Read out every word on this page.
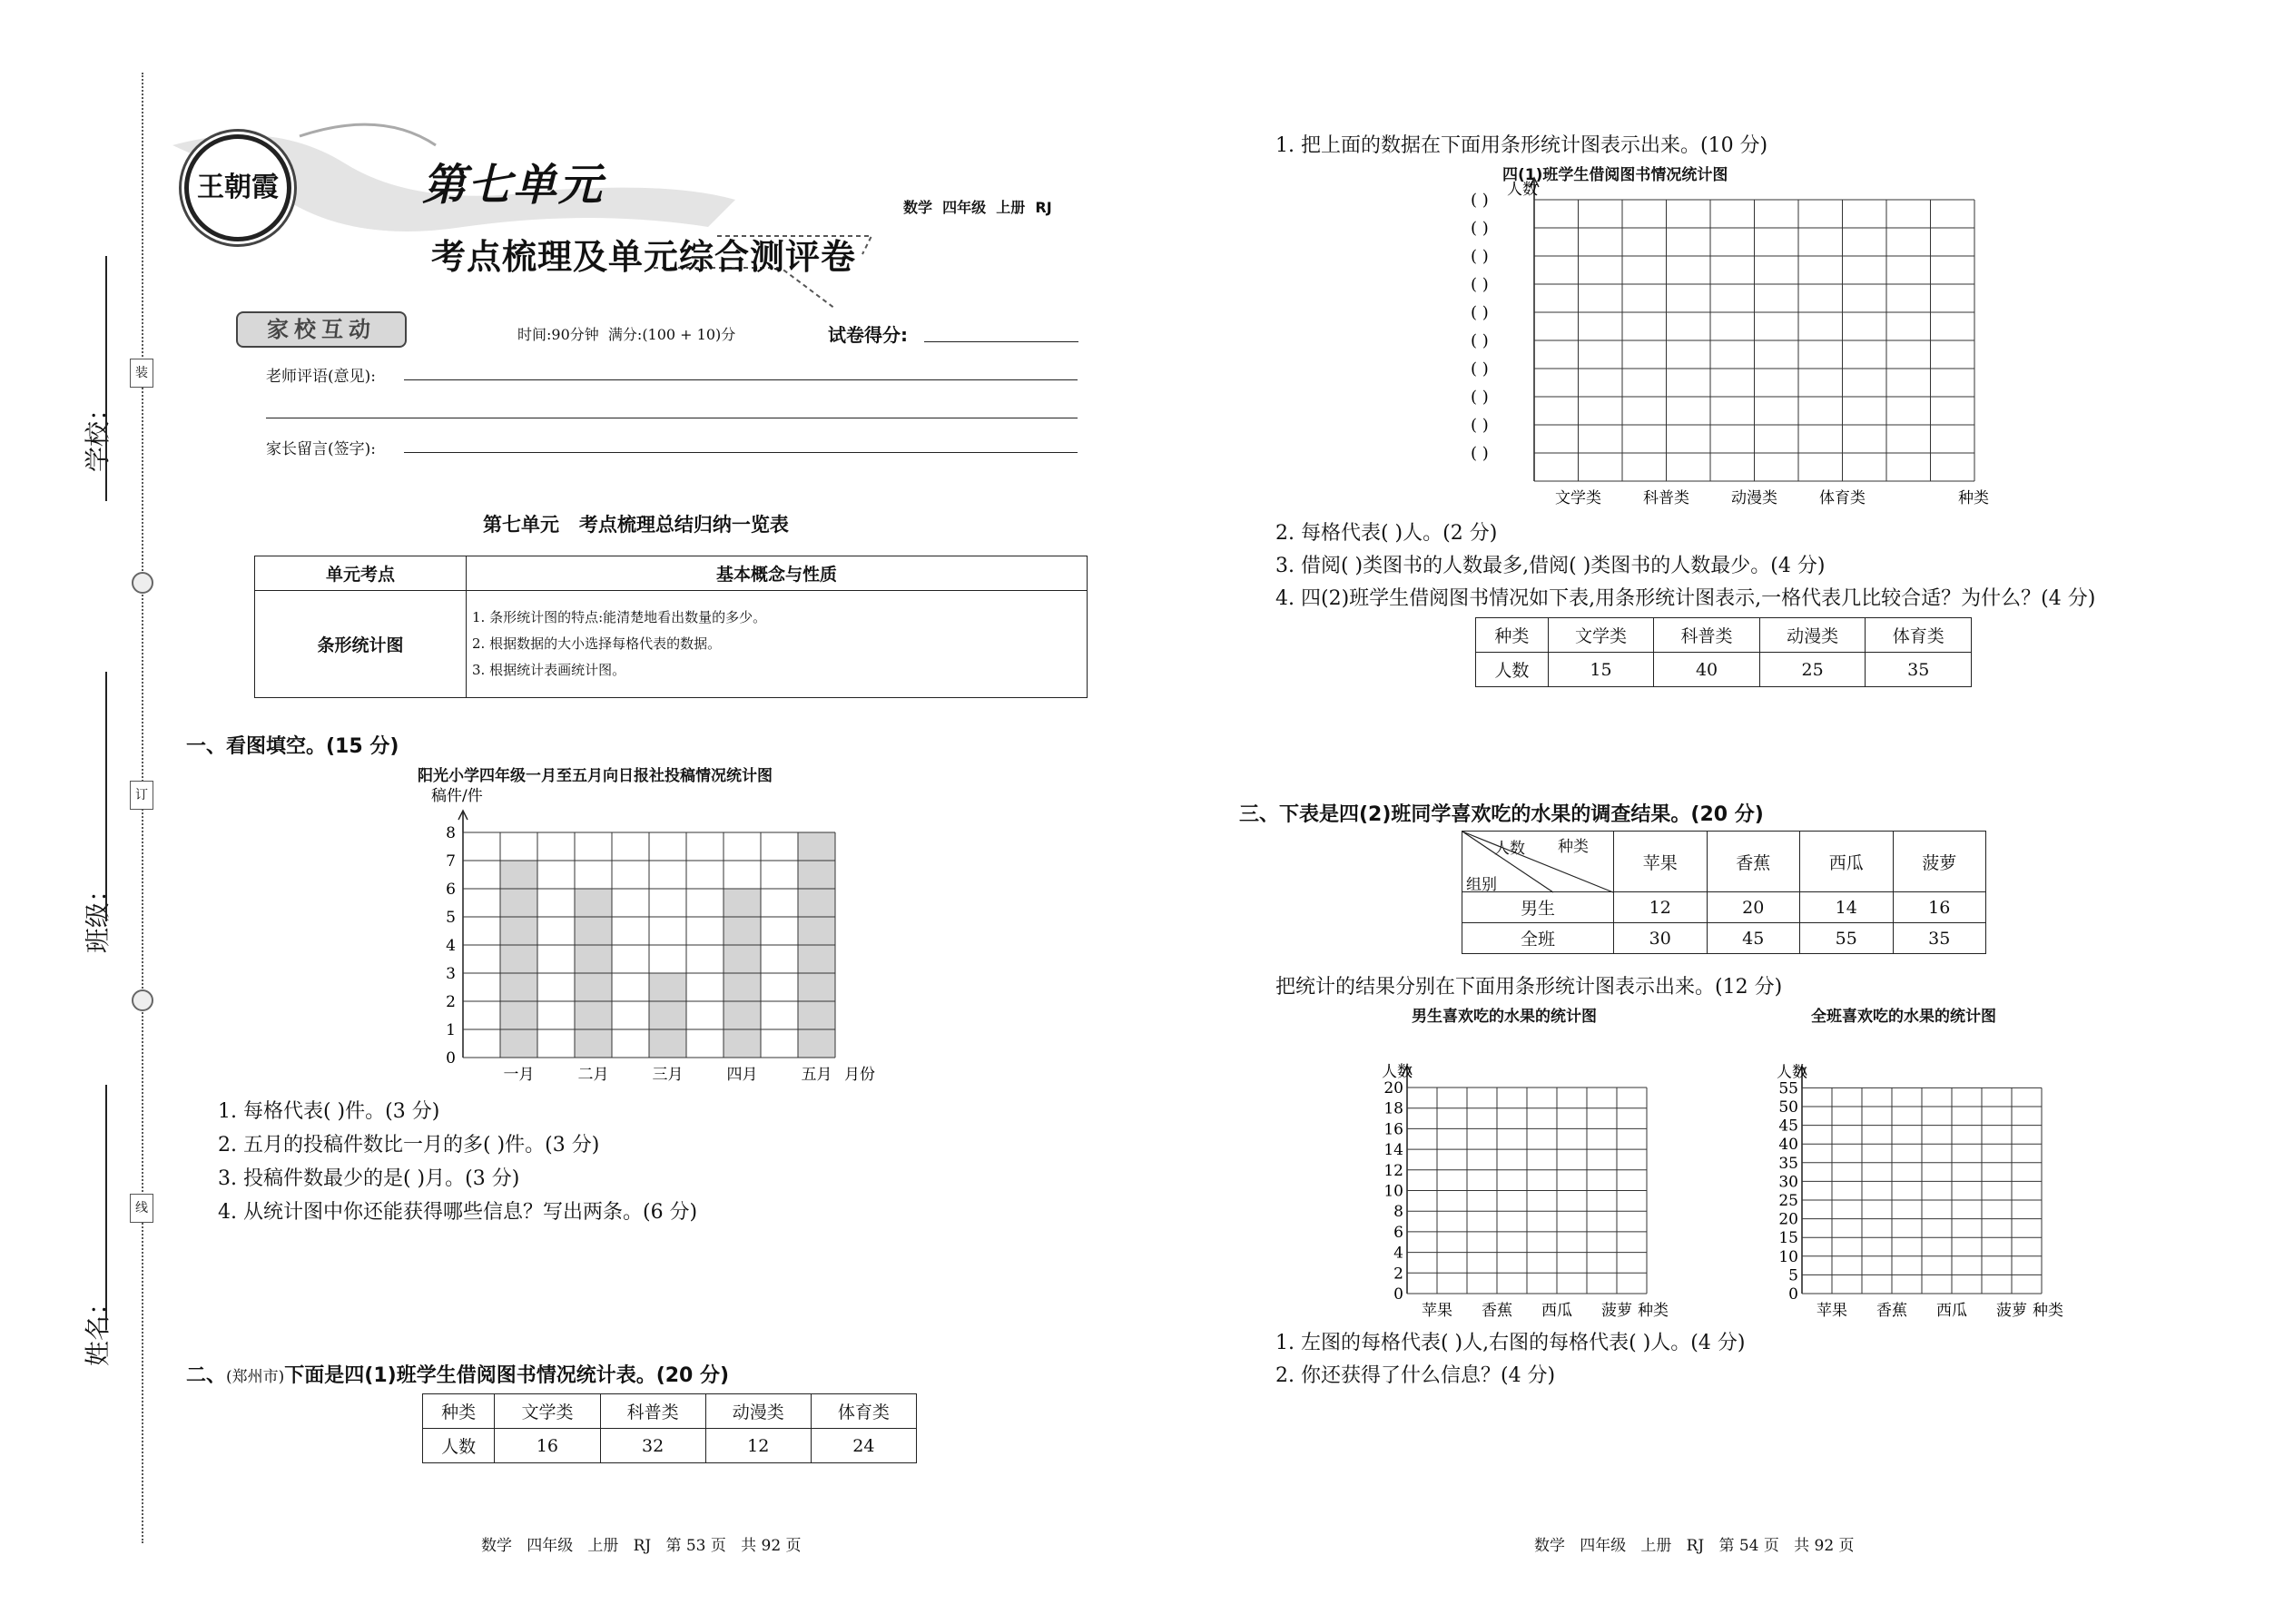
学校：
班级：
姓名：
装
订
线
王朝霞	第七单元
考点梳理及单元综合测评卷
数学  四年级  上册  RJ
家校互动	时间:90分钟  满分:(100 + 10)分	试卷得分:
老师评语(意见):
家长留言(签字):
第七单元   考点梳理总结归纳一览表
单元考点	基本概念与性质
条形统计图	1. 条形统计图的特点:能清楚地看出数量的多少。
2. 根据数据的大小选择每格代表的数据。
3. 根据统计表画统计图。
一、看图填空。(15 分)
阳光小学四年级一月至五月向日报社投稿情况统计图
0
1
2
3
4
5
6
7
8
稿件/件
一月	二月	三月	四月	五月 月份
1. 每格代表( )件。(3 分)
2. 五月的投稿件数比一月的多( )件。(3 分)
3. 投稿件数最少的是( )月。(3 分)
4. 从统计图中你还能获得哪些信息？写出两条。(6 分)
二、(郑州市)下面是四(1)班学生借阅图书情况统计表。(20 分)
种类	文学类	科普类	动漫类	体育类
人数	16	32	12	24
1. 把上面的数据在下面用条形统计图表示出来。(10 分)
四(1)班学生借阅图书情况统计图
( )
( )
( )
( )
( )
( )
( )
( )
( )
( )
人数
文学类	科普类	动漫类	体育类	种类
2. 每格代表( )人。(2 分)
3. 借阅( )类图书的人数最多,借阅( )类图书的人数最少。(4 分)
4. 四(2)班学生借阅图书情况如下表,用条形统计图表示,一格代表几比较合适？为什么？(4 分)
种类	文学类	科普类	动漫类	体育类
人数	15	40	25	35
三、下表是四(2)班同学喜欢吃的水果的调查结果。(20 分)
人数 种类
组别	苹果	香蕉	西瓜	菠萝
男生	12	20	14	16
全班	30	45	55	35
把统计的结果分别在下面用条形统计图表示出来。(12 分)
男生喜欢吃的水果的统计图
0
2
4
6
8
10
12
14
16
18
20
人数
苹果 香蕉 西瓜 菠萝 种类
全班喜欢吃的水果的统计图
0
5
10
15
20
25
30
35
40
45
50
55
人数
苹果 香蕉 西瓜 菠萝 种类
1. 左图的每格代表( )人,右图的每格代表( )人。(4 分)
2. 你还获得了什么信息？(4 分)
数学   四年级   上册   RJ   第 53 页   共 92 页	数学   四年级   上册   RJ   第 54 页   共 92 页
